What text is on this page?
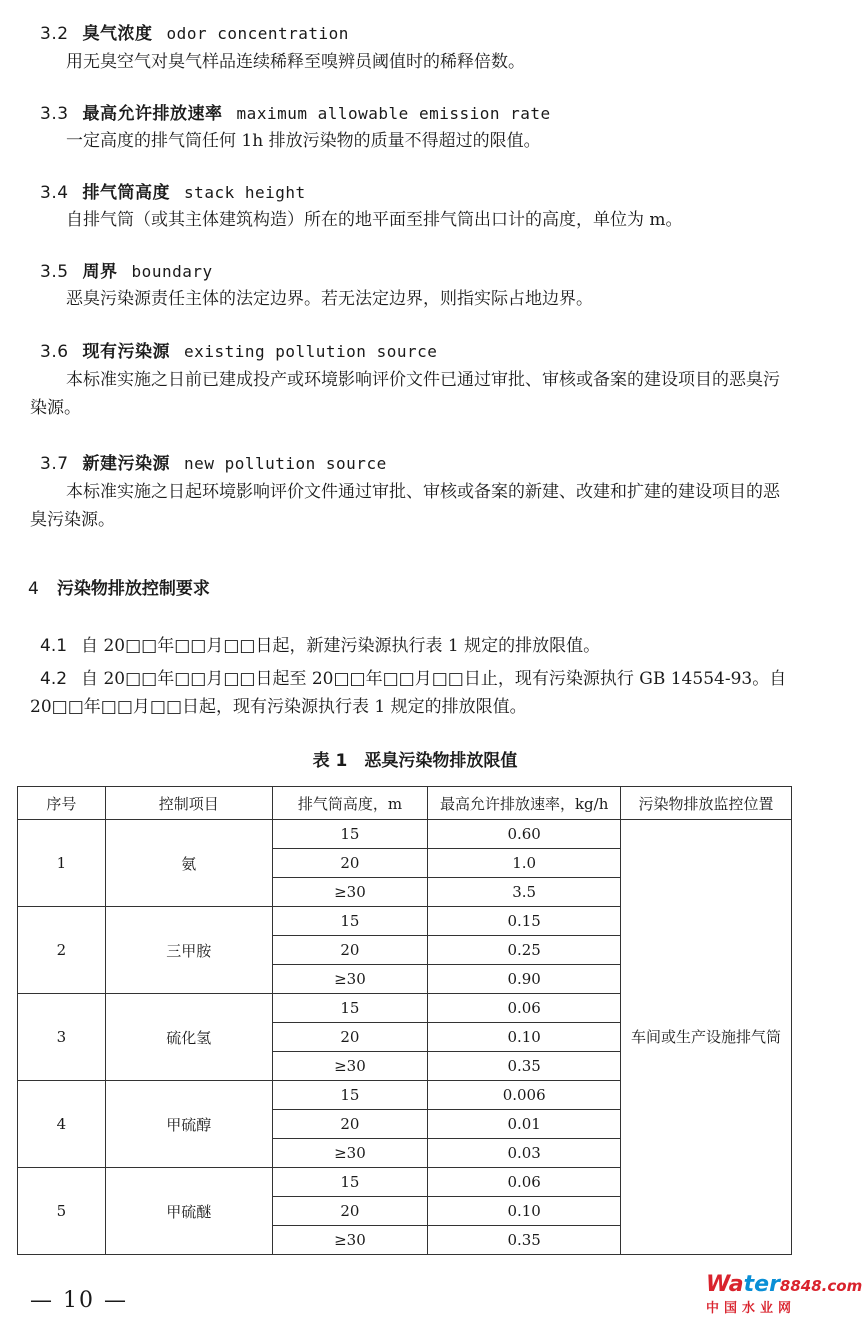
3.2 臭气浓度 odor concentration
用无臭空气对臭气样品连续稀释至嗅辨员阈值时的稀释倍数。
3.3 最高允许排放速率 maximum allowable emission rate
一定高度的排气筒任何 1h 排放污染物的质量不得超过的限值。
3.4 排气筒高度 stack height
自排气筒（或其主体建筑构造）所在的地平面至排气筒出口计的高度，单位为 m。
3.5 周界 boundary
恶臭污染源责任主体的法定边界。若无法定边界，则指实际占地边界。
3.6 现有污染源 existing pollution source
本标准实施之日前已建成投产或环境影响评价文件已通过审批、审核或备案的建设项目的恶臭污染源。
3.7 新建污染源 new pollution source
本标准实施之日起环境影响评价文件通过审批、审核或备案的新建、改建和扩建的建设项目的恶臭污染源。
4 污染物排放控制要求
4.1 自 20□□年□□月□□日起，新建污染源执行表 1 规定的排放限值。
4.2 自 20□□年□□月□□日起至 20□□年□□月□□日止，现有污染源执行 GB 14554-93。自 20□□年□□月□□日起，现有污染源执行表 1 规定的排放限值。
表 1　恶臭污染物排放限值
序号	控制项目	排气筒高度，m	最高允许排放速率，kg/h	污染物排放监控位置
1	氨	15	0.60	车间或生产设施排气筒
		20	1.0	
		≥30	3.5	
2	三甲胺	15	0.15	
		20	0.25	
		≥30	0.90	
3	硫化氢	15	0.06	
		20	0.10	
		≥30	0.35	
4	甲硫醇	15	0.006	
		20	0.01	
		≥30	0.03	
5	甲硫醚	15	0.06	
		20	0.10	
		≥30	0.35	
— 10 —
Water8848.com
中国水业网
